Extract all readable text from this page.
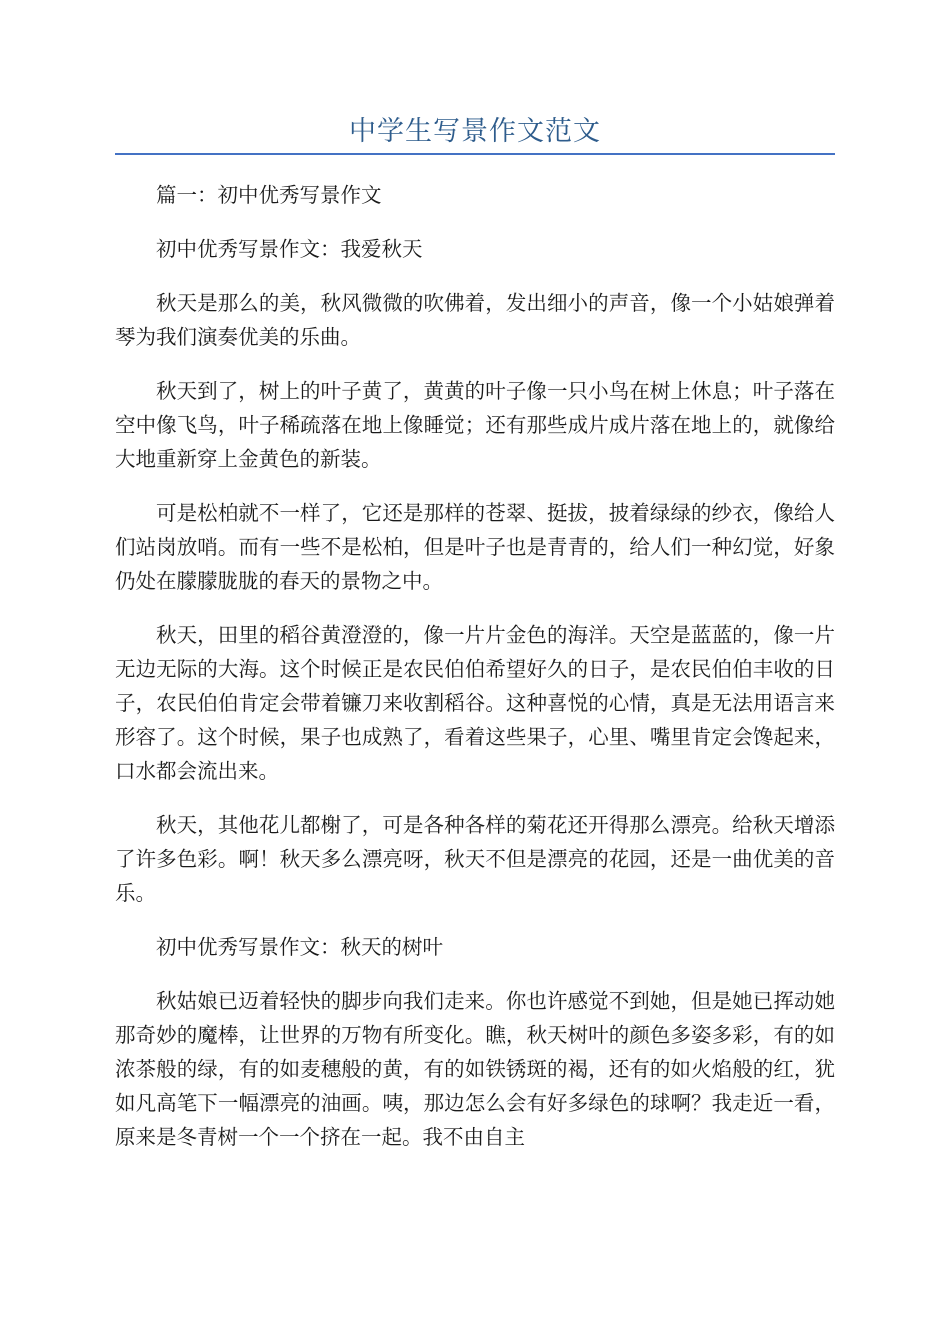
中学生写景作文范文

篇一：初中优秀写景作文

初中优秀写景作文：我爱秋天

秋天是那么的美，秋风微微的吹佛着，发出细小的声音，像一个小姑娘弹着琴为我们演奏优美的乐曲。

秋天到了，树上的叶子黄了，黄黄的叶子像一只小鸟在树上休息；叶子落在空中像飞鸟，叶子稀疏落在地上像睡觉；还有那些成片成片落在地上的，就像给大地重新穿上金黄色的新装。

可是松柏就不一样了，它还是那样的苍翠、挺拔，披着绿绿的纱衣，像给人们站岗放哨。而有一些不是松柏，但是叶子也是青青的，给人们一种幻觉，好象仍处在朦朦胧胧的春天的景物之中。

秋天，田里的稻谷黄澄澄的，像一片片金色的海洋。天空是蓝蓝的，像一片无边无际的大海。这个时候正是农民伯伯希望好久的日子，是农民伯伯丰收的日子，农民伯伯肯定会带着镰刀来收割稻谷。这种喜悦的心情，真是无法用语言来形容了。这个时候，果子也成熟了，看着这些果子，心里、嘴里肯定会馋起来，口水都会流出来。

秋天，其他花儿都榭了，可是各种各样的菊花还开得那么漂亮。给秋天增添了许多色彩。啊！秋天多么漂亮呀，秋天不但是漂亮的花园，还是一曲优美的音乐。

初中优秀写景作文：秋天的树叶

秋姑娘已迈着轻快的脚步向我们走来。你也许感觉不到她，但是她已挥动她那奇妙的魔棒，让世界的万物有所变化。瞧，秋天树叶的颜色多姿多彩，有的如浓茶般的绿，有的如麦穗般的黄，有的如铁锈斑的褐，还有的如火焰般的红，犹如凡高笔下一幅漂亮的油画。咦，那边怎么会有好多绿色的球啊？我走近一看，原来是冬青树一个一个挤在一起。我不由自主
